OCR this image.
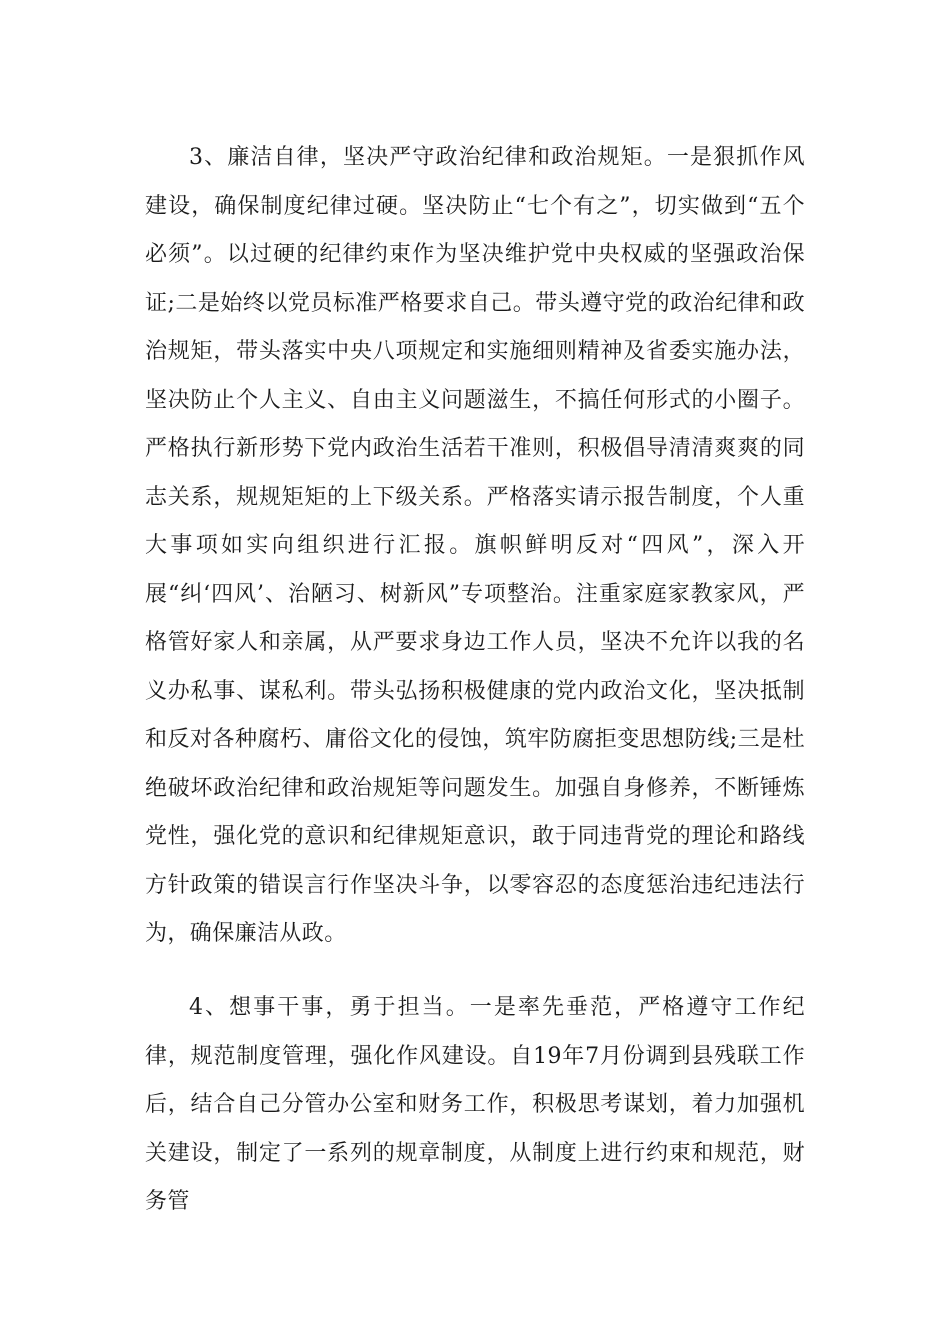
3、廉洁自律，坚决严守政治纪律和政治规矩。一是狠抓作风建设，确保制度纪律过硬。坚决防止“七个有之”，切实做到“五个必须”。以过硬的纪律约束作为坚决维护党中央权威的坚强政治保证;二是始终以党员标准严格要求自己。带头遵守党的政治纪律和政治规矩，带头落实中央八项规定和实施细则精神及省委实施办法，坚决防止个人主义、自由主义问题滋生，不搞任何形式的小圈子。严格执行新形势下党内政治生活若干准则，积极倡导清清爽爽的同志关系，规规矩矩的上下级关系。严格落实请示报告制度，个人重大事项如实向组织进行汇报。旗帜鲜明反对“四风”，深入开展“纠‘四风’、治陋习、树新风”专项整治。注重家庭家教家风，严格管好家人和亲属，从严要求身边工作人员，坚决不允许以我的名义办私事、谋私利。带头弘扬积极健康的党内政治文化，坚决抵制和反对各种腐朽、庸俗文化的侵蚀，筑牢防腐拒变思想防线;三是杜绝破坏政治纪律和政治规矩等问题发生。加强自身修养，不断锤炼党性，强化党的意识和纪律规矩意识，敢于同违背党的理论和路线方针政策的错误言行作坚决斗争，以零容忍的态度惩治违纪违法行为，确保廉洁从政。

4、想事干事，勇于担当。一是率先垂范，严格遵守工作纪律，规范制度管理，强化作风建设。自19年7月份调到县残联工作后，结合自己分管办公室和财务工作，积极思考谋划，着力加强机关建设，制定了一系列的规章制度，从制度上进行约束和规范，财务管
